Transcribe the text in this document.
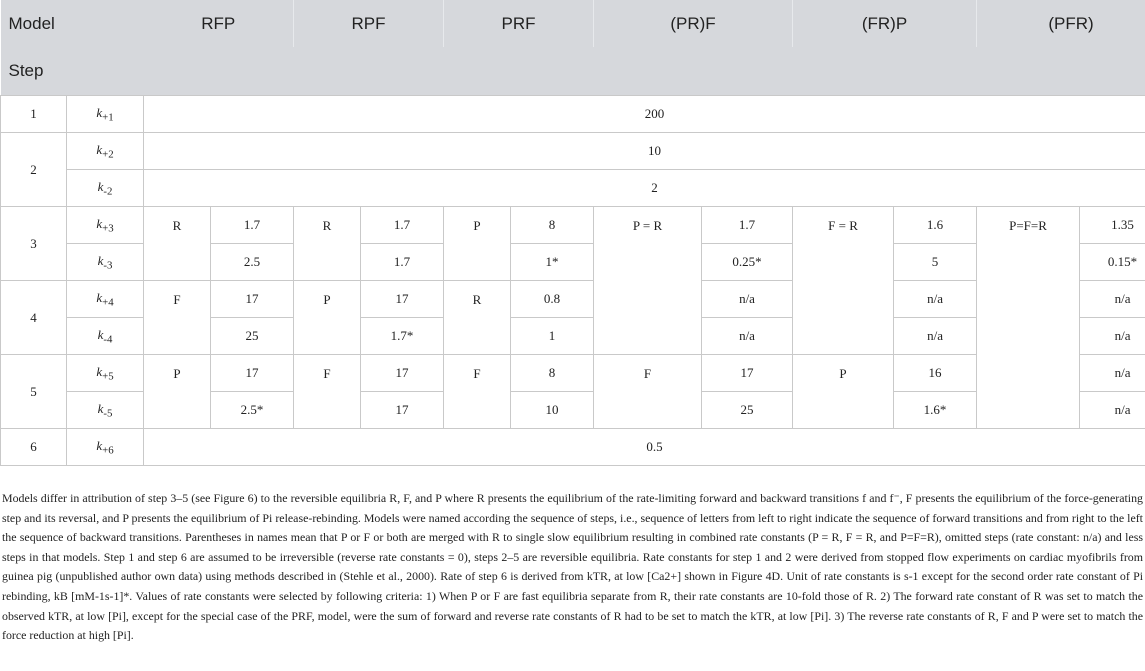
Model		RFP		RPF		PRF		(PR)F		(FR)P		(PFR)	
Step													
1	$k_{+1}$	200											
2	$k_{+2}$	10											
	$k_{-2}$	2											
3	$k_{+3}$	R	1.7	R	1.7	P	8	P = R	1.7	F = R	1.6	P=F=R	1.35
	$k_{-3}$		2.5		1.7		1*		0.25*		5		0.15*
4	$k_{+4}$	F	17	P	17	R	0.8		n/a		n/a		n/a
	$k_{-4}$		25		1.7*		1		n/a		n/a		n/a
5	$k_{+5}$	P	17	F	17	F	8	F	17	P	16		n/a
	$k_{-5}$		2.5*		17		10		25		1.6*		n/a
6	$k_{+6}$	0.5											
Models differ in attribution of step 3–5 (see Figure 6) to the reversible equilibria R, F, and P where R presents the equilibrium of the rate-limiting forward and backward transitions f and f⁻, F presents the equilibrium of the force-generating step and its reversal, and P presents the equilibrium of Pi release-rebinding. Models were named according the sequence of steps, i.e., sequence of letters from left to right indicate the sequence of forward transitions and from right to the left the sequence of backward transitions. Parentheses in names mean that P or F or both are merged with R to single slow equilibrium resulting in combined rate constants (P = R, F = R, and P=F=R), omitted steps (rate constant: n/a) and less steps in that models. Step 1 and step 6 are assumed to be irreversible (reverse rate constants = 0), steps 2–5 are reversible equilibria. Rate constants for step 1 and 2 were derived from stopped flow experiments on cardiac myofibrils from guinea pig (unpublished author own data) using methods described in (Stehle et al., 2000). Rate of step 6 is derived from kTR, at low [Ca2+] shown in Figure 4D. Unit of rate constants is s-1 except for the second order rate constant of Pi rebinding, kB [mM-1s-1]*. Values of rate constants were selected by following criteria: 1) When P or F are fast equilibria separate from R, their rate constants are 10-fold those of R. 2) The forward rate constant of R was set to match the observed kTR, at low [Pi], except for the special case of the PRF, model, were the sum of forward and reverse rate constants of R had to be set to match the kTR, at low [Pi]. 3) The reverse rate constants of R, F and P were set to match the force reduction at high [Pi].
